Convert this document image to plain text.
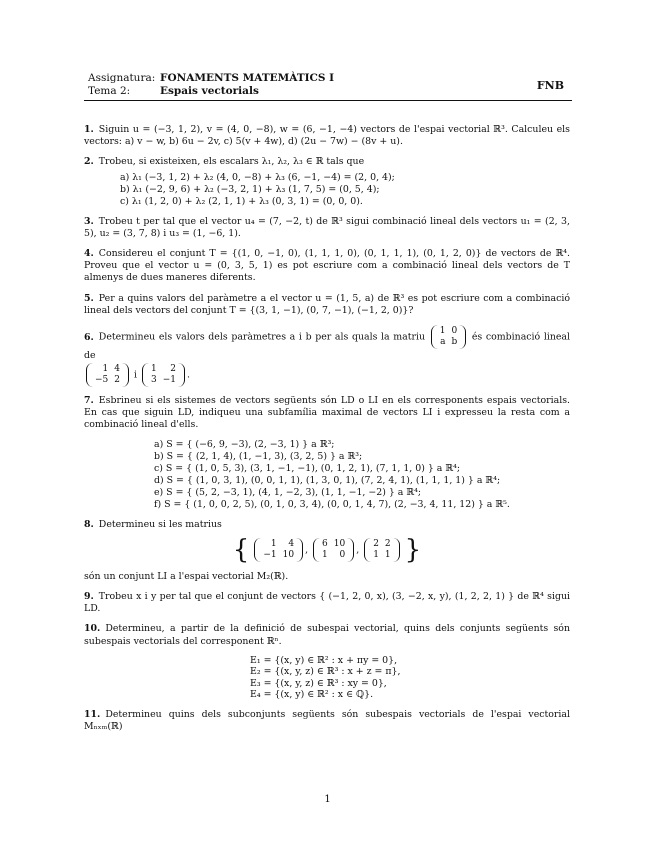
Assignatura: FONAMENTS MATEMÀTICS I
Tema 2:	Espais vectorials	FNB
1. Siguin u = (−3, 1, 2), v = (4, 0, −8), w = (6, −1, −4) vectors de l'espai vectorial ℝ³. Calculeu els vectors: a) v − w, b) 6u − 2v, c) 5(v + 4w), d) (2u − 7w) − (8v + u).
2. Trobeu, si existeixen, els escalars λ₁, λ₂, λ₃ ∈ ℝ tals que
a) λ₁ (−3, 1, 2) + λ₂ (4, 0, −8) + λ₃ (6, −1, −4) = (2, 0, 4);
b) λ₁ (−2, 9, 6) + λ₂ (−3, 2, 1) + λ₃ (1, 7, 5) = (0, 5, 4);
c) λ₁ (1, 2, 0) + λ₂ (2, 1, 1) + λ₃ (0, 3, 1) = (0, 0, 0).
3. Trobeu t per tal que el vector u₄ = (7, −2, t) de ℝ³ sigui combinació lineal dels vectors u₁ = (2, 3, 5), u₂ = (3, 7, 8) i u₃ = (1, −6, 1).
4. Considereu el conjunt T = {(1, 0, −1, 0), (1, 1, 1, 0), (0, 1, 1, 1), (0, 1, 2, 0)} de vectors de ℝ⁴. Proveu que el vector u = (0, 3, 5, 1) es pot escriure com a combinació lineal dels vectors de T almenys de dues maneres diferents.
5. Per a quins valors del paràmetre a el vector u = (1, 5, a) de ℝ³ es pot escriure com a combinació lineal dels vectors del conjunt T = {(3, 1, −1), (0, 7, −1), (−1, 2, 0)}?
6. Determineu els valors dels paràmetres a i b per als quals la matriu
1	0
a	b és combinació lineal de

1	4
−5	2 i
1	2
3	−1 .
7. Esbrineu si els sistemes de vectors següents són LD o LI en els corresponents espais vectorials. En cas que siguin LD, indiqueu una subfamília maximal de vectors LI i expresseu la resta com a combinació lineal d'ells.
a) S = { (−6, 9, −3), (2, −3, 1) } a ℝ³;
b) S = { (2, 1, 4), (1, −1, 3), (3, 2, 5) } a ℝ³;
c) S = { (1, 0, 5, 3), (3, 1, −1, −1), (0, 1, 2, 1), (7, 1, 1, 0) } a ℝ⁴;
d) S = { (1, 0, 3, 1), (0, 0, 1, 1), (1, 3, 0, 1), (7, 2, 4, 1), (1, 1, 1, 1) } a ℝ⁴;
e) S = { (5, 2, −3, 1), (4, 1, −2, 3), (1, 1, −1, −2) } a ℝ⁴;
f) S = { (1, 0, 0, 2, 5), (0, 1, 0, 3, 4), (0, 0, 1, 4, 7), (2, −3, 4, 11, 12) } a ℝ⁵.
8. Determineu si les matrius
{ 1	4
−1	10 ,
6	10
1	0 ,
2	2
1	1 }
són un conjunt LI a l'espai vectorial M₂(ℝ).
9. Trobeu x i y per tal que el conjunt de vectors { (−1, 2, 0, x), (3, −2, x, y), (1, 2, 2, 1) } de ℝ⁴ sigui LD.
10. Determineu, a partir de la definició de subespai vectorial, quins dels conjunts següents són subespais vectorials del corresponent ℝⁿ.
E₁ = {(x, y) ∈ ℝ² : x + πy = 0},
E₂ = {(x, y, z) ∈ ℝ³ : x + z = π},
E₃ = {(x, y, z) ∈ ℝ³ : xy = 0},
E₄ = {(x, y) ∈ ℝ² : x ∈ ℚ}.
11. Determineu quins dels subconjunts següents són subespais vectorials de l'espai vectorial Mₙₓₘ(ℝ)
1
